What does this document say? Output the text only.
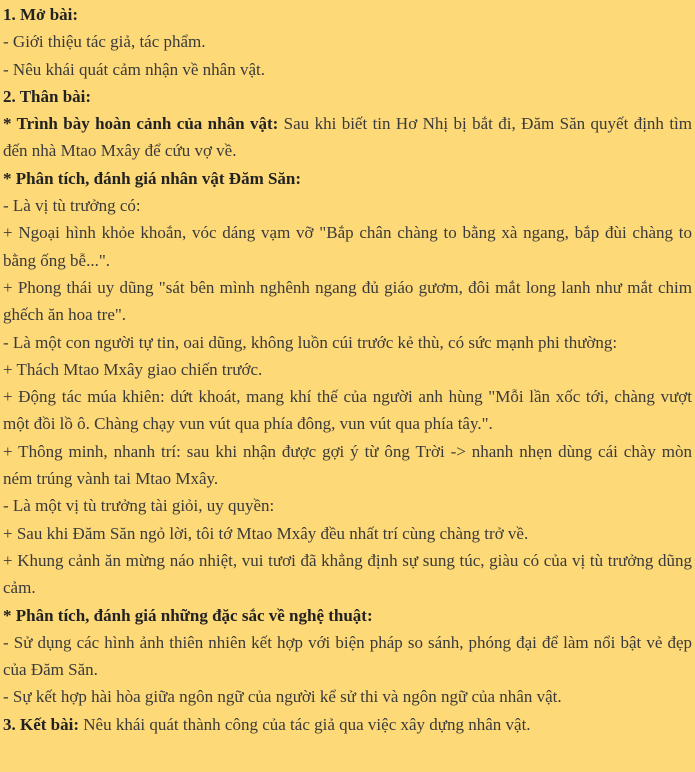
1. Mở bài:

- Giới thiệu tác giả, tác phẩm.

- Nêu khái quát cảm nhận về nhân vật.

2. Thân bài:

* Trình bày hoàn cảnh của nhân vật: Sau khi biết tin Hơ Nhị bị bắt đi, Đăm Săn quyết định tìm đến nhà Mtao Mxây để cứu vợ về.

* Phân tích, đánh giá nhân vật Đăm Săn:

- Là vị tù trưởng có:

+ Ngoại hình khỏe khoắn, vóc dáng vạm vỡ "Bắp chân chàng to bằng xà ngang, bắp đùi chàng to bằng ống bễ...".

+ Phong thái uy dũng "sát bên mình nghênh ngang đủ giáo gươm, đôi mắt long lanh như mắt chim ghếch ăn hoa tre".

- Là một con người tự tin, oai dũng, không luồn cúi trước kẻ thù, có sức mạnh phi thường:

+ Thách Mtao Mxây giao chiến trước.

+ Động tác múa khiên: dứt khoát, mang khí thế của người anh hùng "Mỗi lần xốc tới, chàng vượt một đồi lồ ô. Chàng chạy vun vút qua phía đông, vun vút qua phía tây.".

+ Thông minh, nhanh trí: sau khi nhận được gợi ý từ ông Trời -> nhanh nhẹn dùng cái chày mòn ném trúng vành tai Mtao Mxây.

- Là một vị tù trưởng tài giỏi, uy quyền:

+ Sau khi Đăm Săn ngỏ lời, tôi tớ Mtao Mxây đều nhất trí cùng chàng trở về.

+ Khung cảnh ăn mừng náo nhiệt, vui tươi đã khẳng định sự sung túc, giàu có của vị tù trưởng dũng cảm.

* Phân tích, đánh giá những đặc sắc về nghệ thuật:

- Sử dụng các hình ảnh thiên nhiên kết hợp với biện pháp so sánh, phóng đại để làm nổi bật vẻ đẹp của Đăm Săn.

- Sự kết hợp hài hòa giữa ngôn ngữ của người kể sử thi và ngôn ngữ của nhân vật.

3. Kết bài: Nêu khái quát thành công của tác giả qua việc xây dựng nhân vật.
